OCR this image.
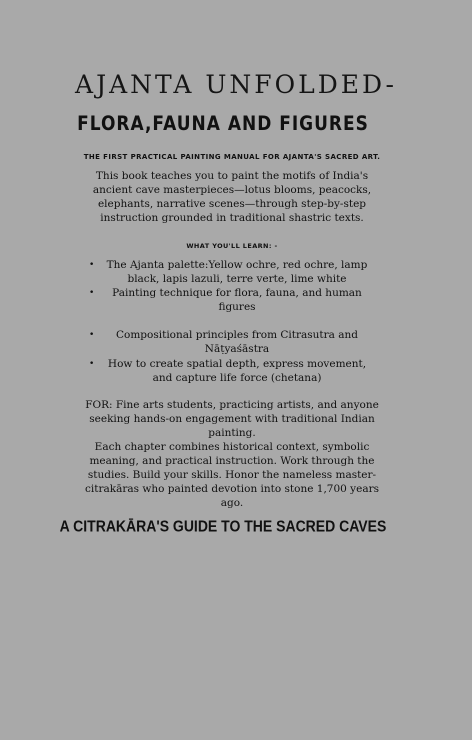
AJANTA UNFOLDED-
FLORA,FAUNA AND FIGURES
THE FIRST PRACTICAL PAINTING MANUAL FOR AJANTA'S SACRED ART.
This book teaches you to paint the motifs of India's ancient cave masterpieces—lotus blooms, peacocks, elephants, narrative scenes—through step-by-step instruction grounded in traditional shastric texts.
WHAT YOU'LL LEARN: -
• The Ajanta palette:Yellow ochre, red ochre, lamp black, lapis lazuli, terre verte, lime white
•	Painting technique for flora, fauna, and human figures
•	Compositional principles from Citrasutra and Nāṭyaśāstra
•	How to create spatial depth, express movement, and capture life force (chetana)
FOR: Fine arts students, practicing artists, and anyone seeking hands-on engagement with traditional Indian painting.
Each chapter combines historical context, symbolic meaning, and practical instruction. Work through the studies. Build your skills. Honor the nameless master-citrakāras who painted devotion into stone 1,700 years ago.
A CITRAKĀRA'S GUIDE TO THE SACRED CAVES
